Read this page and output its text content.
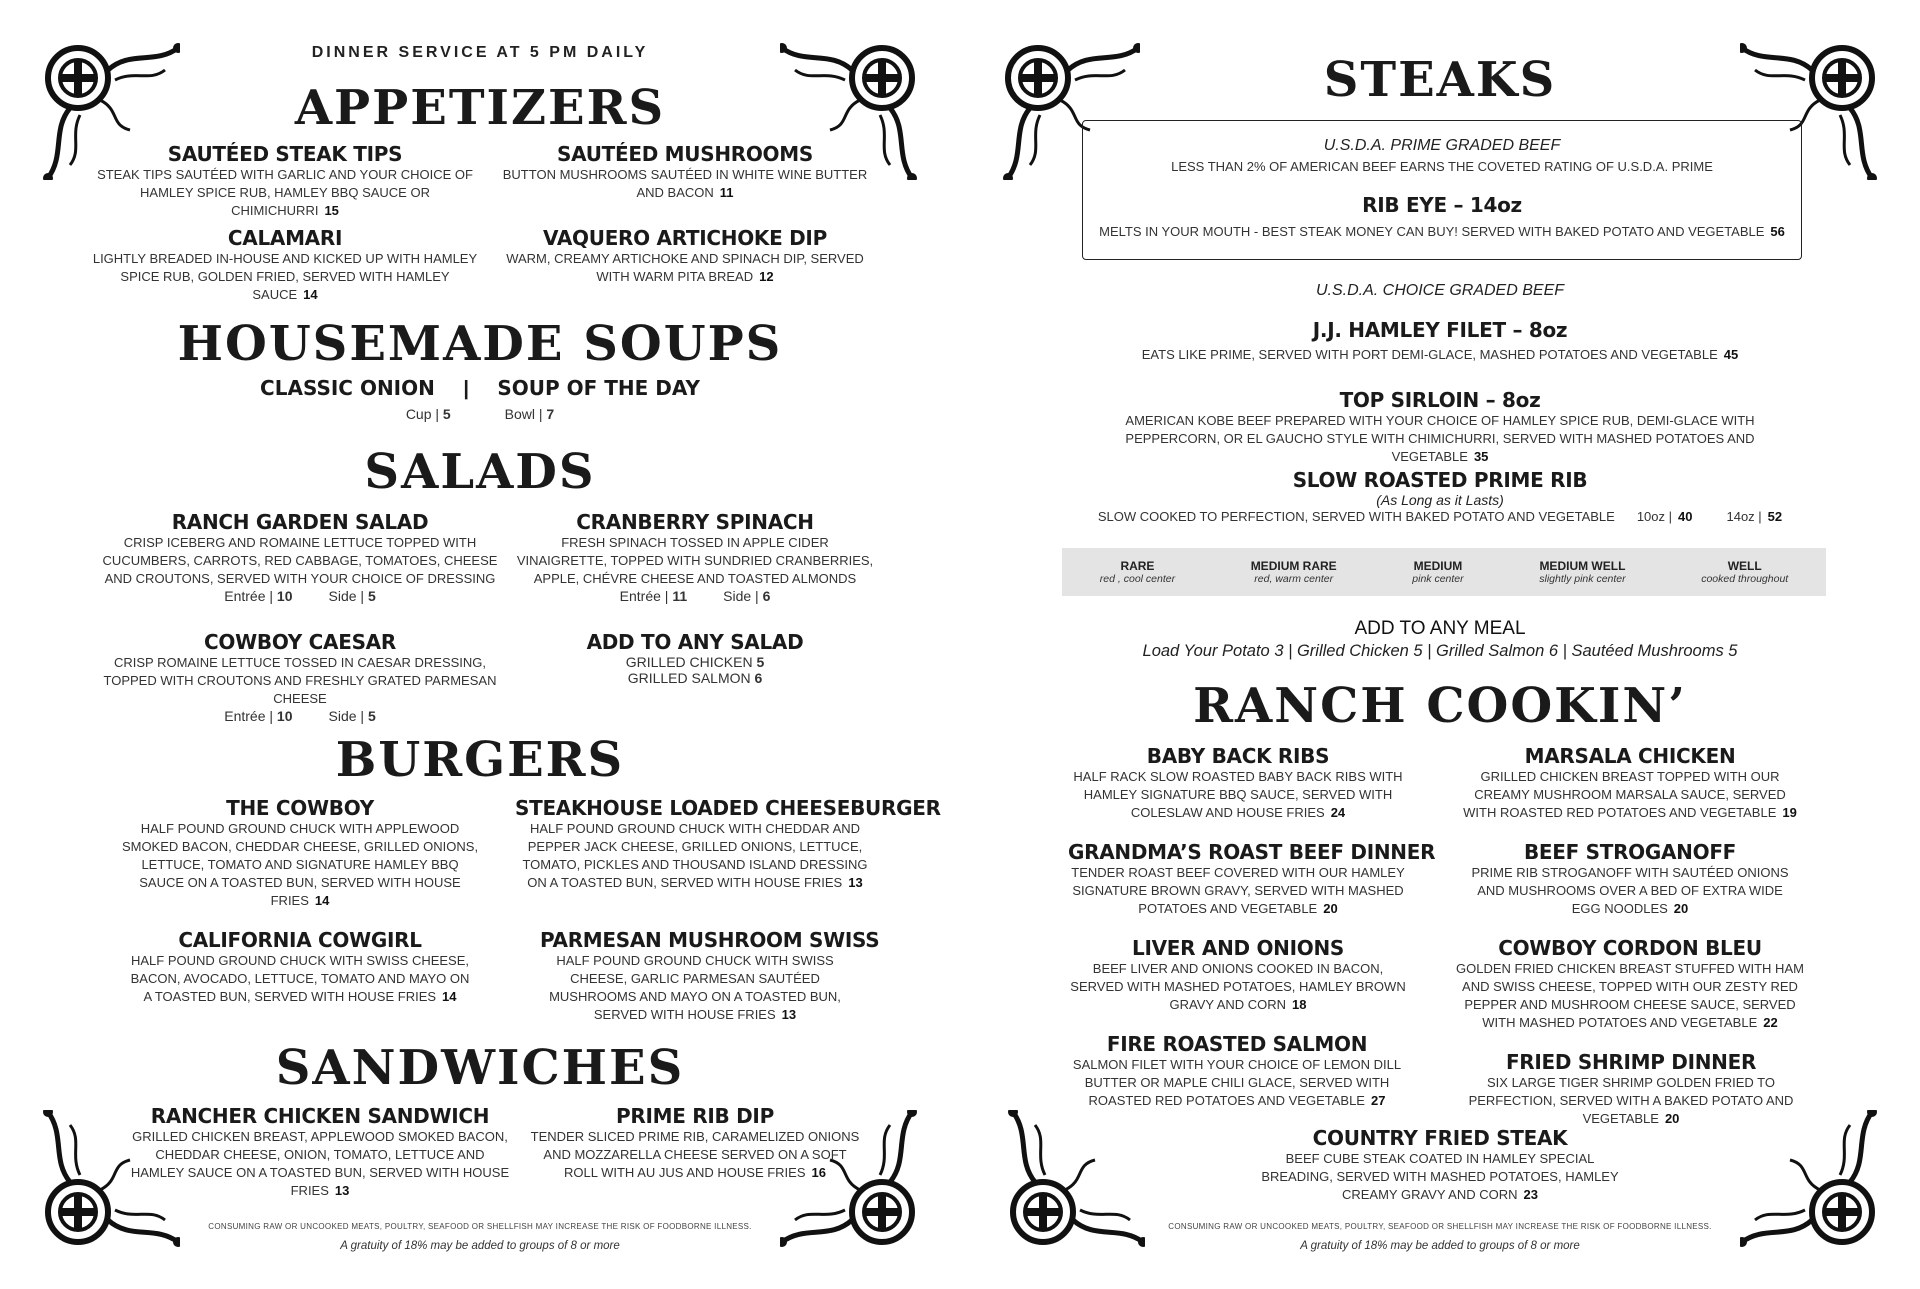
DINNER SERVICE AT 5 PM DAILY
APPETIZERS
SAUTÉED STEAK TIPS
STEAK TIPS SAUTÉED WITH GARLIC AND YOUR CHOICE OF HAMLEY SPICE RUB, HAMLEY BBQ SAUCE OR CHIMICHURRI 15
SAUTÉED MUSHROOMS
BUTTON MUSHROOMS SAUTÉED IN WHITE WINE BUTTER AND BACON 11
CALAMARI
LIGHTLY BREADED IN-HOUSE AND KICKED UP WITH HAMLEY SPICE RUB, GOLDEN FRIED, SERVED WITH HAMLEY SAUCE 14
VAQUERO ARTICHOKE DIP
WARM, CREAMY ARTICHOKE AND SPINACH DIP, SERVED WITH WARM PITA BREAD 12
HOUSEMADE SOUPS
CLASSIC ONION | SOUP OF THE DAY
Cup | 5	Bowl | 7
SALADS
RANCH GARDEN SALAD
CRISP ICEBERG AND ROMAINE LETTUCE TOPPED WITH CUCUMBERS, CARROTS, RED CABBAGE, TOMATOES, CHEESE AND CROUTONS, SERVED WITH YOUR CHOICE OF DRESSING
Entrée | 10	Side | 5
CRANBERRY SPINACH
FRESH SPINACH TOSSED IN APPLE CIDER VINAIGRETTE, TOPPED WITH SUNDRIED CRANBERRIES, APPLE, CHÉVRE CHEESE AND TOASTED ALMONDS
Entrée | 11	Side | 6
COWBOY CAESAR
CRISP ROMAINE LETTUCE TOSSED IN CAESAR DRESSING, TOPPED WITH CROUTONS AND FRESHLY GRATED PARMESAN CHEESE
Entrée | 10	Side | 5
ADD TO ANY SALAD
GRILLED CHICKEN 5
GRILLED SALMON 6
BURGERS
THE COWBOY
HALF POUND GROUND CHUCK WITH APPLEWOOD SMOKED BACON, CHEDDAR CHEESE, GRILLED ONIONS, LETTUCE, TOMATO AND SIGNATURE HAMLEY BBQ SAUCE ON A TOASTED BUN, SERVED WITH HOUSE FRIES 14
STEAKHOUSE LOADED CHEESEBURGER
HALF POUND GROUND CHUCK WITH CHEDDAR AND PEPPER JACK CHEESE, GRILLED ONIONS, LETTUCE, TOMATO, PICKLES AND THOUSAND ISLAND DRESSING ON A TOASTED BUN, SERVED WITH HOUSE FRIES 13
CALIFORNIA COWGIRL
HALF POUND GROUND CHUCK WITH SWISS CHEESE, BACON, AVOCADO, LETTUCE, TOMATO AND MAYO ON A TOASTED BUN, SERVED WITH HOUSE FRIES 14
PARMESAN MUSHROOM SWISS
HALF POUND GROUND CHUCK WITH SWISS CHEESE, GARLIC PARMESAN SAUTÉED MUSHROOMS AND MAYO ON A TOASTED BUN, SERVED WITH HOUSE FRIES 13
SANDWICHES
RANCHER CHICKEN SANDWICH
GRILLED CHICKEN BREAST, APPLEWOOD SMOKED BACON, CHEDDAR CHEESE, ONION, TOMATO, LETTUCE AND HAMLEY SAUCE ON A TOASTED BUN, SERVED WITH HOUSE FRIES 13
PRIME RIB DIP
TENDER SLICED PRIME RIB, CARAMELIZED ONIONS AND MOZZARELLA CHEESE SERVED ON A SOFT ROLL WITH AU JUS AND HOUSE FRIES 16
CONSUMING RAW OR UNCOOKED MEATS, POULTRY, SEAFOOD OR SHELLFISH MAY INCREASE THE RISK OF FOODBORNE ILLNESS.
A gratuity of 18% may be added to groups of 8 or more
STEAKS
U.S.D.A. PRIME GRADED BEEF
LESS THAN 2% OF AMERICAN BEEF EARNS THE COVETED RATING OF U.S.D.A. PRIME
RIB EYE – 14oz
MELTS IN YOUR MOUTH - BEST STEAK MONEY CAN BUY! SERVED WITH BAKED POTATO AND VEGETABLE 56
U.S.D.A. CHOICE GRADED BEEF
J.J. HAMLEY FILET – 8oz
EATS LIKE PRIME, SERVED WITH PORT DEMI-GLACE, MASHED POTATOES AND VEGETABLE 45
TOP SIRLOIN – 8oz
AMERICAN KOBE BEEF PREPARED WITH YOUR CHOICE OF HAMLEY SPICE RUB, DEMI-GLACE WITH PEPPERCORN, OR EL GAUCHO STYLE WITH CHIMICHURRI, SERVED WITH MASHED POTATOES AND VEGETABLE 35
SLOW ROASTED PRIME RIB
(As Long as it Lasts)
SLOW COOKED TO PERFECTION, SERVED WITH BAKED POTATO AND VEGETABLE 10oz | 40	14oz | 52
RARE
red , cool center
MEDIUM RARE
red, warm center
MEDIUM
pink center
MEDIUM WELL
slightly pink center
WELL
cooked throughout
ADD TO ANY MEAL
Load Your Potato 3 | Grilled Chicken 5 | Grilled Salmon 6 | Sautéed Mushrooms 5
RANCH COOKIN’
BABY BACK RIBS
HALF RACK SLOW ROASTED BABY BACK RIBS WITH HAMLEY SIGNATURE BBQ SAUCE, SERVED WITH COLESLAW AND HOUSE FRIES 24
MARSALA CHICKEN
GRILLED CHICKEN BREAST TOPPED WITH OUR CREAMY MUSHROOM MARSALA SAUCE, SERVED WITH ROASTED RED POTATOES AND VEGETABLE 19
GRANDMA’S ROAST BEEF DINNER
TENDER ROAST BEEF COVERED WITH OUR HAMLEY SIGNATURE BROWN GRAVY, SERVED WITH MASHED POTATOES AND VEGETABLE 20
BEEF STROGANOFF
PRIME RIB STROGANOFF WITH SAUTÉED ONIONS AND MUSHROOMS OVER A BED OF EXTRA WIDE EGG NOODLES 20
LIVER AND ONIONS
BEEF LIVER AND ONIONS COOKED IN BACON, SERVED WITH MASHED POTATOES, HAMLEY BROWN GRAVY AND CORN 18
COWBOY CORDON BLEU
GOLDEN FRIED CHICKEN BREAST STUFFED WITH HAM AND SWISS CHEESE, TOPPED WITH OUR ZESTY RED PEPPER AND MUSHROOM CHEESE SAUCE, SERVED WITH MASHED POTATOES AND VEGETABLE 22
FIRE ROASTED SALMON
SALMON FILET WITH YOUR CHOICE OF LEMON DILL BUTTER OR MAPLE CHILI GLACE, SERVED WITH ROASTED RED POTATOES AND VEGETABLE 27
FRIED SHRIMP DINNER
SIX LARGE TIGER SHRIMP GOLDEN FRIED TO PERFECTION, SERVED WITH A BAKED POTATO AND VEGETABLE 20
COUNTRY FRIED STEAK
BEEF CUBE STEAK COATED IN HAMLEY SPECIAL BREADING, SERVED WITH MASHED POTATOES, HAMLEY CREAMY GRAVY AND CORN 23
CONSUMING RAW OR UNCOOKED MEATS, POULTRY, SEAFOOD OR SHELLFISH MAY INCREASE THE RISK OF FOODBORNE ILLNESS.
A gratuity of 18% may be added to groups of 8 or more
